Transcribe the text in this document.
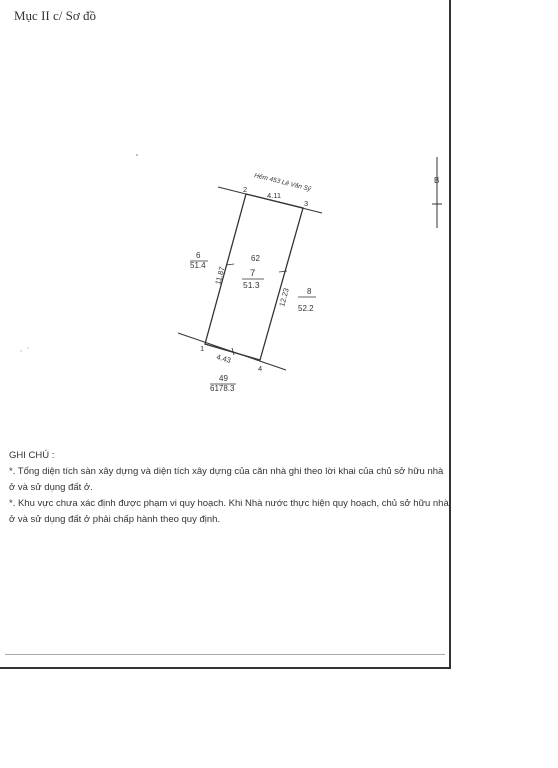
Mục II c/ Sơ đồ
B
Hẻm 453 Lê Văn Sỹ
2
3
1
4
4.11
4.43
11.87
12.23
62
7
51.3
6
51.4
8
52.2
49
6178.3

GHI CHÚ :

*. Tổng diện tích sàn xây dựng và diện tích xây dựng của căn nhà ghi theo lời khai của chủ sở hữu nhà ở và sử dụng đất ở.

*. Khu vực chưa xác định được phạm vi quy hoạch. Khi Nhà nước thực hiện quy hoạch, chủ sở hữu nhà ở và sử dụng đất ở phải chấp hành theo quy định.
